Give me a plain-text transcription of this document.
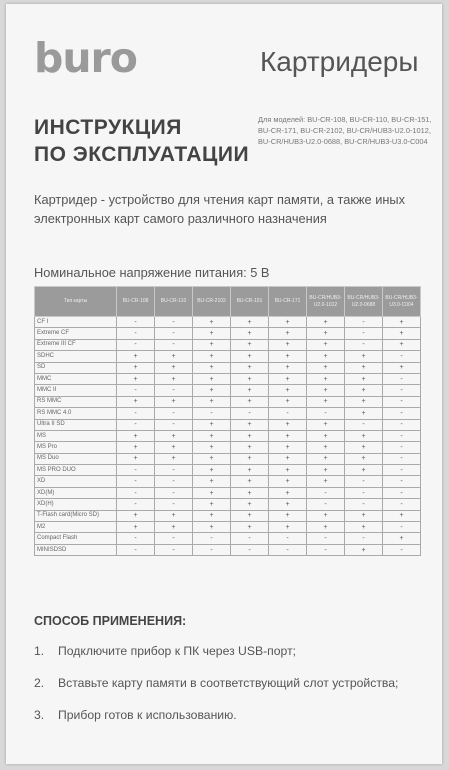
buro	Картридеры
ИНСТРУКЦИЯ
ПО ЭКСПЛУАТАЦИИ
Для моделей: BU-CR-108, BU-CR-110, BU-CR-151,
BU-CR-171, BU-CR-2102, BU-CR/HUB3-U2.0-1012,
BU-CR/HUB3-U2.0-0688, BU-CR/HUB3-U3.0-C004
Картридер - устройство для чтения карт памяти, а также иных
электронных карт самого различного назначения
Номинальное напряжение питания: 5 В
Тип карты	BU-CR-108	BU-CR-110	BU-CR-2102	BU-CR-151	BU-CR-171	BU-CR/HUB3-U2.0-1012	BU-CR/HUB3-U2.0-0688	BU-CR/HUB3-U3.0-C004
CF I	-	-	+	+	+	+	-	+
Extreme CF	-	-	+	+	+	+	-	+
Extreme III CF	-	-	+	+	+	+	-	+
SDHC	+	+	+	+	+	+	+	-
SD	+	+	+	+	+	+	+	+
MMC	+	+	+	+	+	+	+	-
MMC II	-	-	+	+	+	+	+	-
RS MMC	+	+	+	+	+	+	+	-
RS MMC 4.0	-	-	-	-	-	-	+	-
Ultra II SD	-	-	+	+	+	+	-	-
MS	+	+	+	+	+	+	+	-
MS Pro	+	+	+	+	+	+	+	-
MS Duo	+	+	+	+	+	+	+	-
MS PRO DUO	-	-	+	+	+	+	+	-
XD	-	-	+	+	+	+	-	-
XD(M)	-	-	+	+	+	-	-	-
XD(H)	-	-	+	+	+	-	-	-
T-Flash card(Micro SD)	+	+	+	+	+	+	+	+
M2	+	+	+	+	+	+	+	-
Compact Flash	-	-	-	-	-	-	-	+
MINISDSD	-	-	-	-	-	-	+	-
СПОСОБ ПРИМЕНЕНИЯ:
1. Подключите прибор к ПК через USB-порт;
2. Вставьте карту памяти в соответствующий слот устройства;
3. Прибор готов к использованию.
